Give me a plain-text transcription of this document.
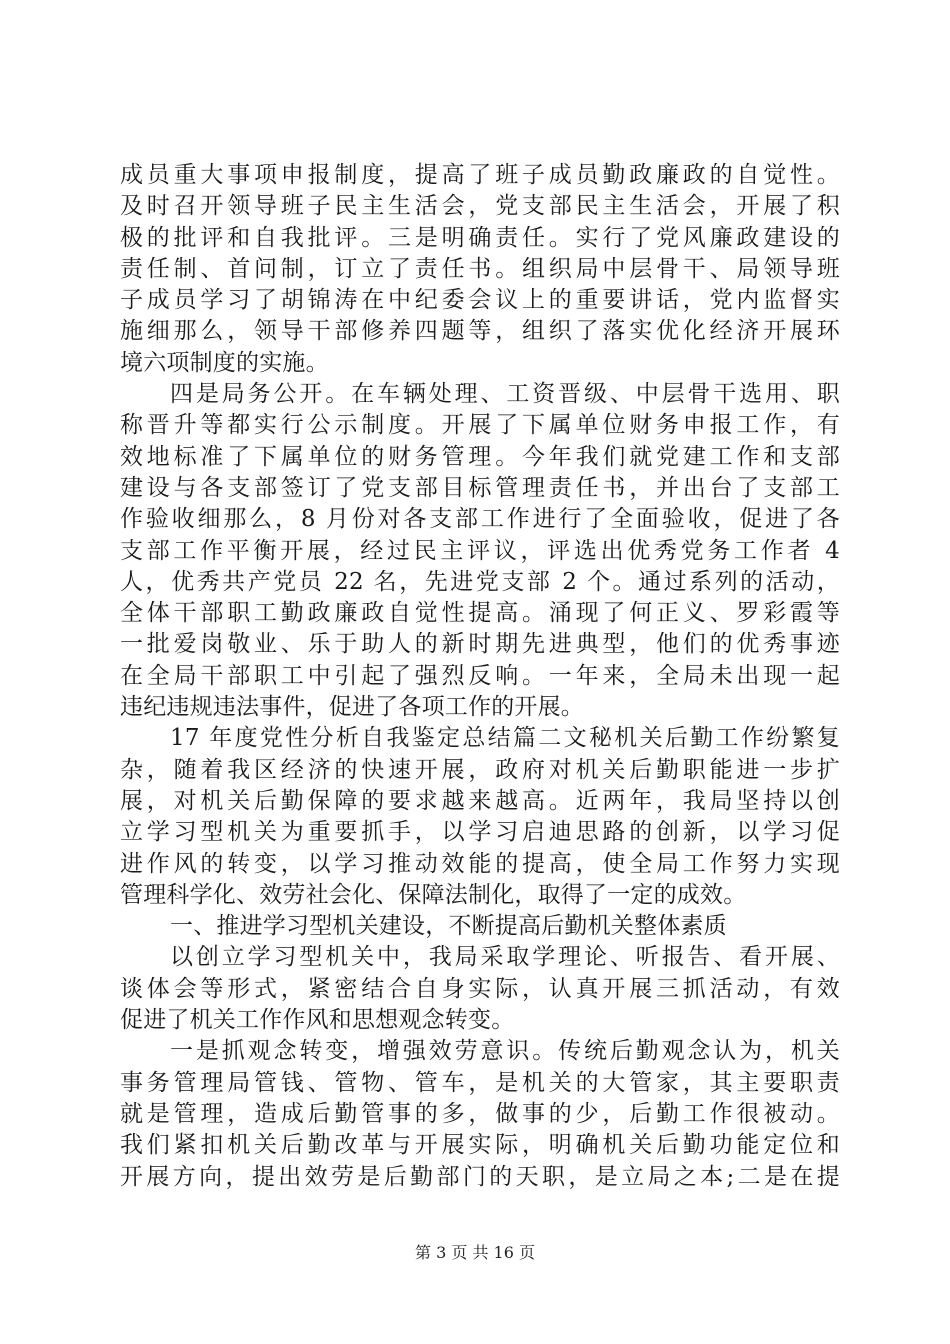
成员重大事项申报制度，提高了班子成员勤政廉政的自觉性。
及时召开领导班子民主生活会，党支部民主生活会，开展了积
极的批评和自我批评。三是明确责任。实行了党风廉政建设的
责任制、首问制，订立了责任书。组织局中层骨干、局领导班
子成员学习了胡锦涛在中纪委会议上的重要讲话，党内监督实
施细那么，领导干部修养四题等，组织了落实优化经济开展环
境六项制度的实施。
四是局务公开。在车辆处理、工资晋级、中层骨干选用、职
称晋升等都实行公示制度。开展了下属单位财务申报工作，有
效地标准了下属单位的财务管理。今年我们就党建工作和支部
建设与各支部签订了党支部目标管理责任书，并出台了支部工
作验收细那么，8 月份对各支部工作进行了全面验收，促进了各
支部工作平衡开展，经过民主评议，评选出优秀党务工作者 4
人，优秀共产党员 22 名，先进党支部 2 个。通过系列的活动，
全体干部职工勤政廉政自觉性提高。涌现了何正义、罗彩霞等
一批爱岗敬业、乐于助人的新时期先进典型，他们的优秀事迹
在全局干部职工中引起了强烈反响。一年来，全局未出现一起
违纪违规违法事件，促进了各项工作的开展。
17 年度党性分析自我鉴定总结篇二文秘机关后勤工作纷繁复
杂，随着我区经济的快速开展，政府对机关后勤职能进一步扩
展，对机关后勤保障的要求越来越高。近两年，我局坚持以创
立学习型机关为重要抓手，以学习启迪思路的创新，以学习促
进作风的转变，以学习推动效能的提高，使全局工作努力实现
管理科学化、效劳社会化、保障法制化，取得了一定的成效。
一、推进学习型机关建设，不断提高后勤机关整体素质
以创立学习型机关中，我局采取学理论、听报告、看开展、
谈体会等形式，紧密结合自身实际，认真开展三抓活动，有效
促进了机关工作作风和思想观念转变。
一是抓观念转变，增强效劳意识。传统后勤观念认为，机关
事务管理局管钱、管物、管车，是机关的大管家，其主要职责
就是管理，造成后勤管事的多，做事的少，后勤工作很被动。
我们紧扣机关后勤改革与开展实际，明确机关后勤功能定位和
开展方向，提出效劳是后勤部门的天职，是立局之本;二是在提
第 3 页 共 16 页
